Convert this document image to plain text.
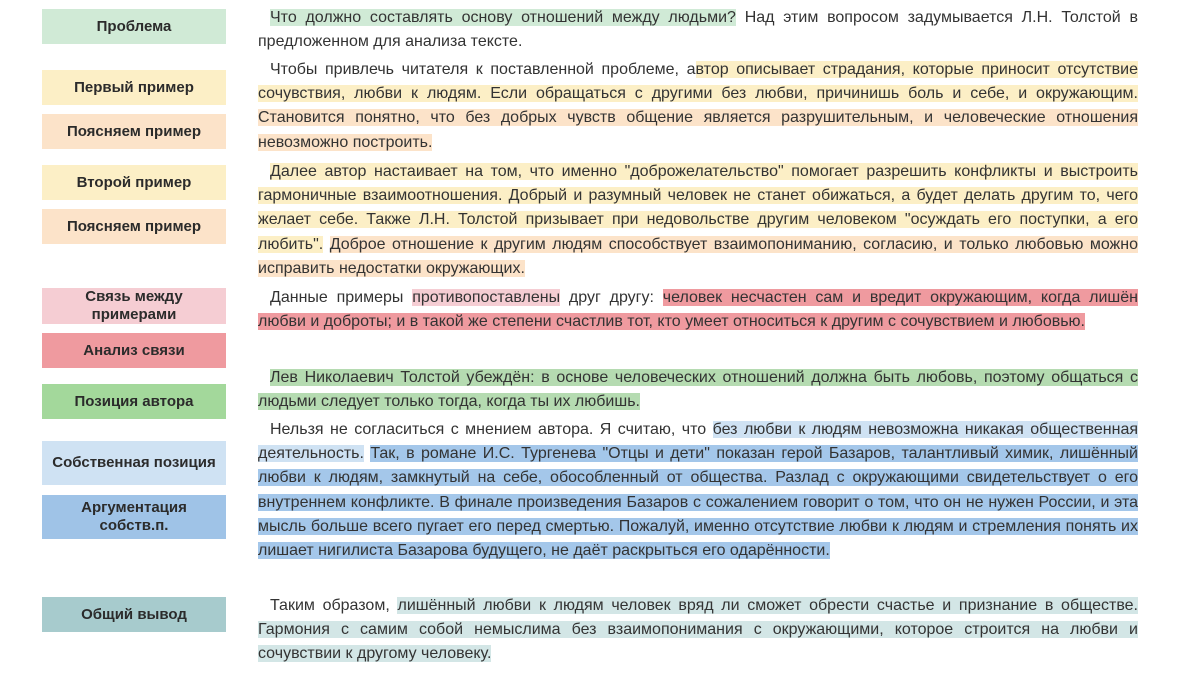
Проблема
Первый пример
Поясняем пример
Второй пример
Поясняем пример
Связь между примерами
Анализ связи
Позиция автора
Собственная позиция
Аргументация собств.п.
Общий вывод

Что должно составлять основу отношений между людьми? Над этим вопросом задумывается Л.Н. Толстой в предложенном для анализа тексте.

Чтобы привлечь читателя к поставленной проблеме, автор описывает страдания, которые приносит отсутствие сочувствия, любви к людям. Если обращаться с другими без любви, причинишь боль и себе, и окружающим. Становится понятно, что без добрых чувств общение является разрушительным, и человеческие отношения невозможно построить.

Далее автор настаивает на том, что именно "доброжелательство" помогает разрешить конфликты и выстроить гармоничные взаимоотношения. Добрый и разумный человек не станет обижаться, а будет делать другим то, чего желает себе. Также Л.Н. Толстой призывает при недовольстве другим человеком "осуждать его поступки, а его любить". Доброе отношение к другим людям способствует взаимопониманию, согласию, и только любовью можно исправить недостатки окружающих.

Данные примеры противопоставлены друг другу: человек несчастен сам и вредит окружающим, когда лишён любви и доброты; и в такой же степени счастлив тот, кто умеет относиться к другим с сочувствием и любовью.

Лев Николаевич Толстой убеждён: в основе человеческих отношений должна быть любовь, поэтому общаться с людьми следует только тогда, когда ты их любишь.

Нельзя не согласиться с мнением автора. Я считаю, что без любви к людям невозможна никакая общественная деятельность. Так, в романе И.С. Тургенева "Отцы и дети" показан герой Базаров, талантливый химик, лишённый любви к людям, замкнутый на себе, обособленный от общества. Разлад с окружающими свидетельствует о его внутреннем конфликте. В финале произведения Базаров с сожалением говорит о том, что он не нужен России, и эта мысль больше всего пугает его перед смертью. Пожалуй, именно отсутствие любви к людям и стремления понять их лишает нигилиста Базарова будущего, не даёт раскрыться его одарённости.

Таким образом, лишённый любви к людям человек вряд ли сможет обрести счастье и признание в обществе. Гармония с самим собой немыслима без взаимопонимания с окружающими, которое строится на любви и сочувствии к другому человеку.
